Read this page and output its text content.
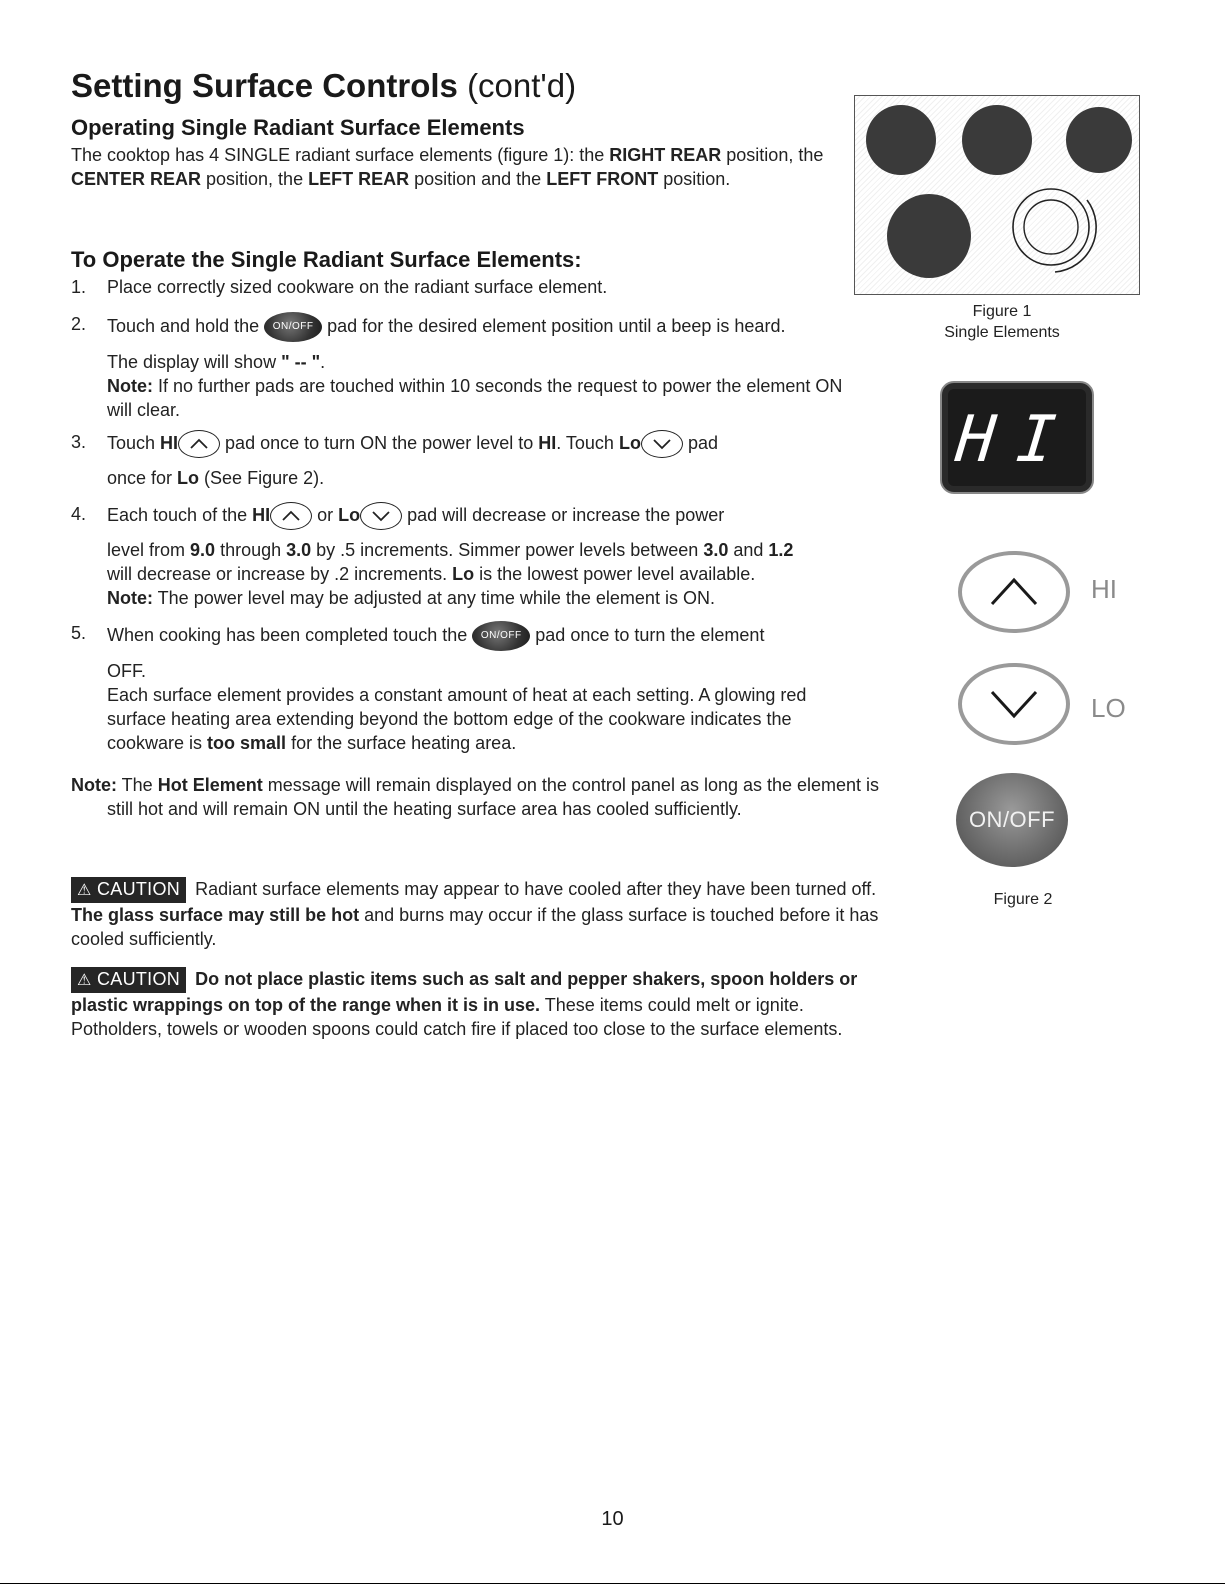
Setting Surface Controls (cont'd)
Operating Single Radiant Surface Elements

The cooktop has 4 SINGLE radiant surface elements (figure 1): the RIGHT REAR position, the CENTER REAR position, the LEFT REAR position and the LEFT FRONT position.

To Operate the Single Radiant Surface Elements:
1. Place correctly sized cookware on the radiant surface element.

2. Touch and hold the ON/OFF pad for the desired element position until a beep is heard.

The display will show " -- ".

Note: If no further pads are touched within 10 seconds the request to power the element ON will clear.

3. Touch HI
pad once to turn ON the power level to HI. Touch Lo
pad

once for Lo (See Figure 2).

4. Each touch of the HI
or Lo
pad will decrease or increase the power

level from 9.0 through 3.0 by .5 increments. Simmer power levels between 3.0 and 1.2

will decrease or increase by .2 increments. Lo is the lowest power level available.

Note: The power level may be adjusted at any time while the element is ON.

5. When cooking has been completed touch the ON/OFF pad once to turn the element

OFF.

Each surface element provides a constant amount of heat at each setting. A glowing red surface heating area extending beyond the bottom edge of the cookware indicates the cookware is too small for the surface heating area.

Note: The Hot Element message will remain displayed on the control panel as long as the element is still hot and will remain ON until the heating surface area has cooled sufficiently.

⚠ CAUTION Radiant surface elements may appear to have cooled after they have been turned off. The glass surface may still be hot and burns may occur if the glass surface is touched before it has cooled sufficiently.

⚠ CAUTION Do not place plastic items such as salt and pepper shakers, spoon holders or plastic wrappings on top of the range when it is in use. These items could melt or ignite. Potholders, towels or wooden spoons could catch fire if placed too close to the surface elements.

Figure 1
Single Elements
HI
HI
LO
ON/OFF
Figure 2
10
